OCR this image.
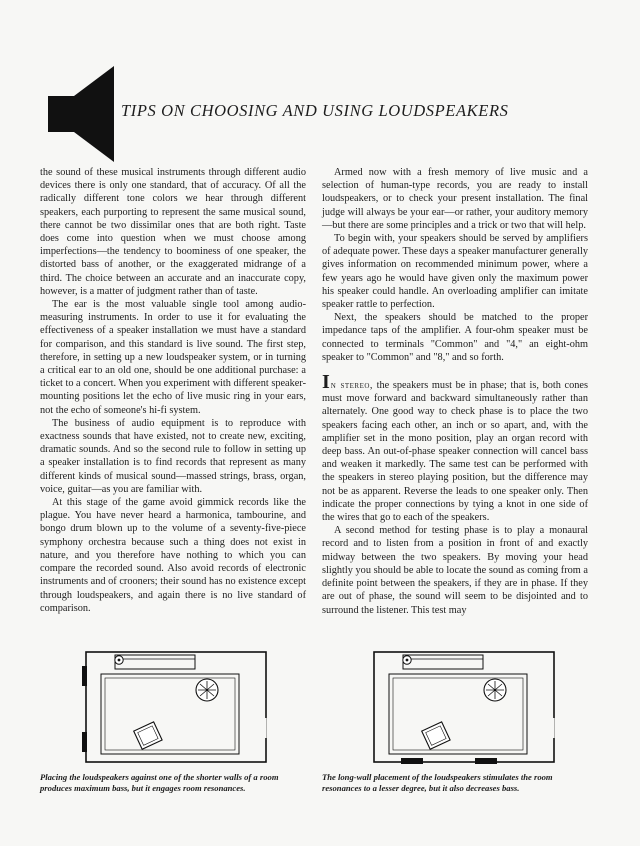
TIPS ON CHOOSING AND USING LOUDSPEAKERS

the sound of these musical instruments through different audio devices there is only one standard, that of accuracy. Of all the radically different tone colors we hear through different speakers, each purporting to represent the same musical sound, there cannot be two dissimilar ones that are both right. Taste does come into question when we must choose among imperfections—the tendency to boominess of one speaker, the distorted bass of another, or the exaggerated midrange of a third. The choice between an accurate and an inaccurate copy, however, is a matter of judgment rather than of taste.

The ear is the most valuable single tool among audio-measuring instruments. In order to use it for evaluating the effectiveness of a speaker installation we must have a standard for comparison, and this standard is live sound. The first step, therefore, in setting up a new loudspeaker system, or in turning a critical ear to an old one, should be one additional purchase: a ticket to a concert. When you experiment with different speaker-mounting positions let the echo of live music ring in your ears, not the echo of someone's hi-fi system.

The business of audio equipment is to reproduce with exactness sounds that have existed, not to create new, exciting, dramatic sounds. And so the second rule to follow in setting up a speaker installation is to find records that represent as many different kinds of musical sound—massed strings, brass, organ, voice, guitar—as you are familiar with.

At this stage of the game avoid gimmick records like the plague. You have never heard a harmonica, tambourine, and bongo drum blown up to the volume of a seventy-five-piece symphony orchestra because such a thing does not exist in nature, and you therefore have nothing to which you can compare the recorded sound. Also avoid records of electronic instruments and of crooners; their sound has no existence except through loudspeakers, and again there is no live standard of comparison.

Armed now with a fresh memory of live music and a selection of human-type records, you are ready to install loudspeakers, or to check your present installation. The final judge will always be your ear—or rather, your auditory memory—but there are some principles and a trick or two that will help.

To begin with, your speakers should be served by amplifiers of adequate power. These days a speaker manufacturer generally gives information on recommended minimum power, where a few years ago he would have given only the maximum power his speaker could handle. An overloading amplifier can imitate speaker rattle to perfection.

Next, the speakers should be matched to the proper impedance taps of the amplifier. A four-ohm speaker must be connected to terminals "Common" and "4," an eight-ohm speaker to "Common" and "8," and so forth.

In stereo, the speakers must be in phase; that is, both cones must move forward and backward simultaneously rather than alternately. One good way to check phase is to place the two speakers facing each other, an inch or so apart, and, with the amplifier set in the mono position, play an organ record with deep bass. An out-of-phase speaker connection will cancel bass and weaken it markedly. The same test can be performed with the speakers in stereo playing position, but the difference may not be as apparent. Reverse the leads to one speaker only. Then indicate the proper connections by tying a knot in one side of the wires that go to each of the speakers.

A second method for testing phase is to play a monaural record and to listen from a position in front of and exactly midway between the two speakers. By moving your head slightly you should be able to locate the sound as coming from a definite point between the speakers, if they are in phase. If they are out of phase, the sound will seem to be disjointed and to surround the listener. This test may

Placing the loudspeakers against one of the shorter walls of a room produces maximum bass, but it engages room resonances.
The long-wall placement of the loudspeakers stimulates the room resonances to a lesser degree, but it also decreases bass.
